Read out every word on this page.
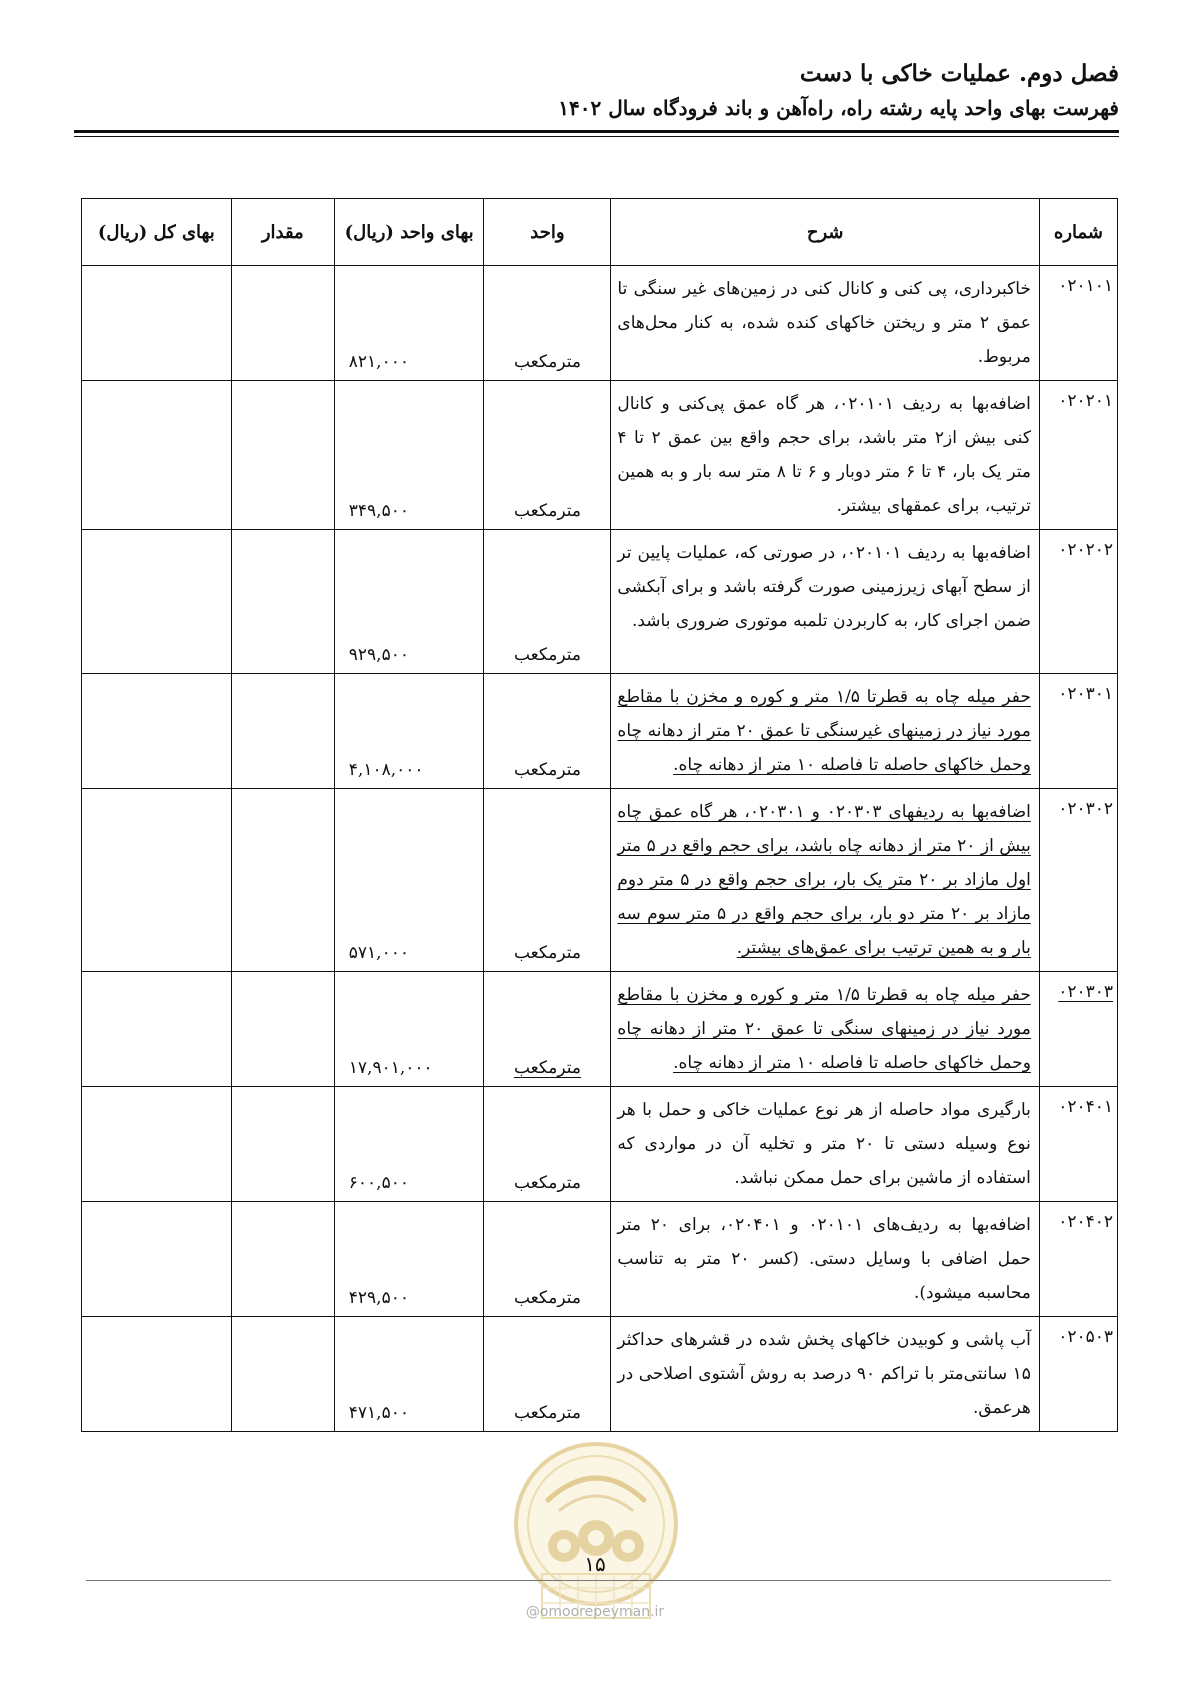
فصل دوم. عملیات خاکی با دست
فهرست بهای واحد پایه رشته راه، راه‌آهن و باند فرودگاه سال ۱۴۰۲
شماره	شرح	واحد	بهای واحد (ریال)	مقدار	بهای کل (ریال)
۰۲۰۱۰۱	خاکبرداری، پی کنی و کانال کنی در زمین‌های غیر سنگی تا عمق ۲ متر و ریختن خاکهای کنده شده، به کنار محل‌های مربوط.	مترمکعب	۸۲۱,۰۰۰		
۰۲۰۲۰۱	اضافه‌بها به ردیف ۰۲۰۱۰۱، هر گاه عمق پی‌کنی و کانال کنی بیش از۲ متر باشد، برای حجم واقع بین عمق ۲ تا ۴ متر یک بار، ۴ تا ۶ متر دوبار و ۶ تا ۸ متر سه بار و به همین ترتیب، برای عمقهای بیشتر.	مترمکعب	۳۴۹,۵۰۰		
۰۲۰۲۰۲	اضافه‌بها به ردیف ۰۲۰۱۰۱، در صورتی که، عملیات پایین تر از سطح آبهای زیرزمینی صورت گرفته باشد و برای آبکشی ضمن اجرای کار، به کاربردن تلمبه موتوری ضروری باشد.	مترمکعب	۹۲۹,۵۰۰		
۰۲۰۳۰۱	حفر میله چاه به قطرتا ۱/۵ متر و کوره و مخزن با مقاطع مورد نیاز در زمینهای غیرسنگی تا عمق ۲۰ متر از دهانه چاه وحمل خاکهای حاصله تا فاصله ۱۰ متر از دهانه چاه.	مترمکعب	۴,۱۰۸,۰۰۰		
۰۲۰۳۰۲	اضافه‌بها به ردیفهای ۰۲۰۳۰۳ و ۰۲۰۳۰۱، هر گاه عمق چاه بیش از ۲۰ متر از دهانه چاه باشد، برای حجم واقع در ۵ متر اول مازاد بر ۲۰ متر یک بار، برای حجم واقع در ۵ متر دوم مازاد بر ۲۰ متر دو بار، برای حجم واقع در ۵ متر سوم سه بار و به همین ترتیب برای عمق‌های بیشتر.	مترمکعب	۵۷۱,۰۰۰		
۰۲۰۳۰۳	حفر میله چاه به قطرتا ۱/۵ متر و کوره و مخزن با مقاطع مورد نیاز در زمینهای سنگی تا عمق ۲۰ متر از دهانه چاه وحمل خاکهای حاصله تا فاصله ۱۰ متر از دهانه چاه.	مترمکعب	۱۷,۹۰۱,۰۰۰		
۰۲۰۴۰۱	بارگیری مواد حاصله از هر نوع عملیات خاکی و حمل با هر نوع وسیله دستی تا ۲۰ متر و تخلیه آن در مواردی که استفاده از ماشین برای حمل ممکن نباشد.	مترمکعب	۶۰۰,۵۰۰		
۰۲۰۴۰۲	اضافه‌بها به ردیف‌های ۰۲۰۱۰۱ و ۰۲۰۴۰۱، برای ۲۰ متر حمل اضافی با وسایل دستی. (کسر ۲۰ متر به تناسب محاسبه میشود).	مترمکعب	۴۲۹,۵۰۰		
۰۲۰۵۰۳	آب پاشی و کوبیدن خاکهای پخش شده در قشرهای حداکثر ۱۵ سانتی‌متر با تراکم ۹۰ درصد به روش آشتوی اصلاحی در هرعمق.	مترمکعب	۴۷۱,۵۰۰		
۱۵
@omoorepeyman.ir
